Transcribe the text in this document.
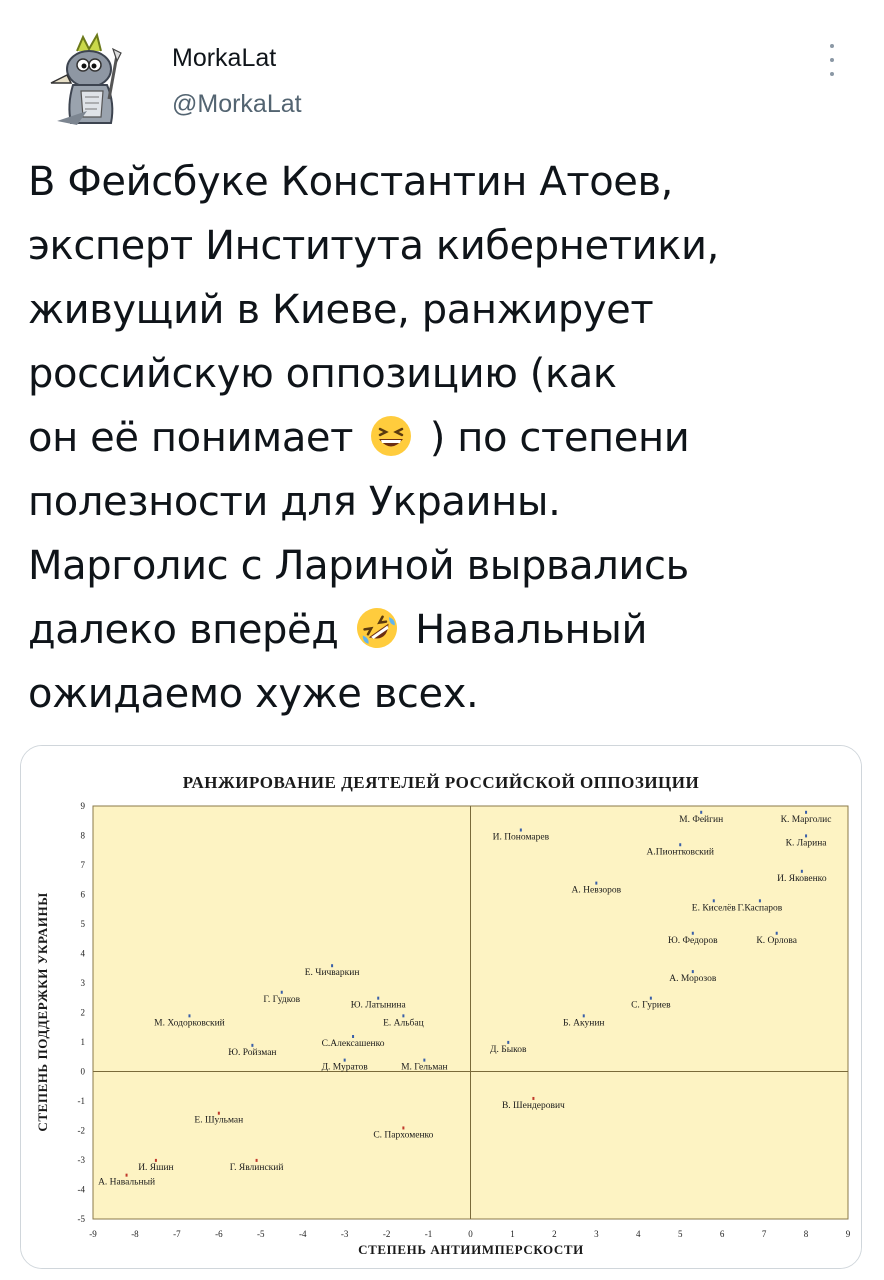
MorkaLat
@MorkaLat

В Фейсбуке Константин Атоев,
эксперт Института кибернетики,
живущий в Киеве, ранжирует
российскую оппозицию (как
он её понимает  ) по степени
полезности для Украины.
Марголис с Лариной вырвались
далеко вперёд  Навальный
ожидаемо хуже всех.

РАНЖИРОВАНИЕ ДЕЯТЕЛЕЙ РОССИЙСКОЙ ОППОЗИЦИИ
-9	-8	-7	-6	-5	-4	-3	-2	-1	0	1	2	3	4	5	6	7	8	9
9
8
7
6
5
4
3
2
1
0
-1
-2
-3
-4
-5
М. Фейгин	К. Марголис
И. Пономарев
К. Ларина
А.Пионтковский
А. Невзоров
И. Яковенко
Е. Киселёв Г.Каспаров
Ю. Федоров	К. Орлова
А. Морозов
Е. Чичваркин
Г. Гудков
Ю. Латынина	С. Гуриев
М. Ходорковский	Е. Альбац	Б. Акунин
С.Алексашенко
Ю. Ройзман	Д. Быков
Д. Муратов	М. Гельман
В. Шендерович
Е. Шульман
С. Пархоменко
Г. Явлинский
И. Яшин
А. Навальный
СТЕПЕНЬ ПОДДЕРЖКИ УКРАИНЫ
СТЕПЕНЬ АНТИИМПЕРСКОСТИ
